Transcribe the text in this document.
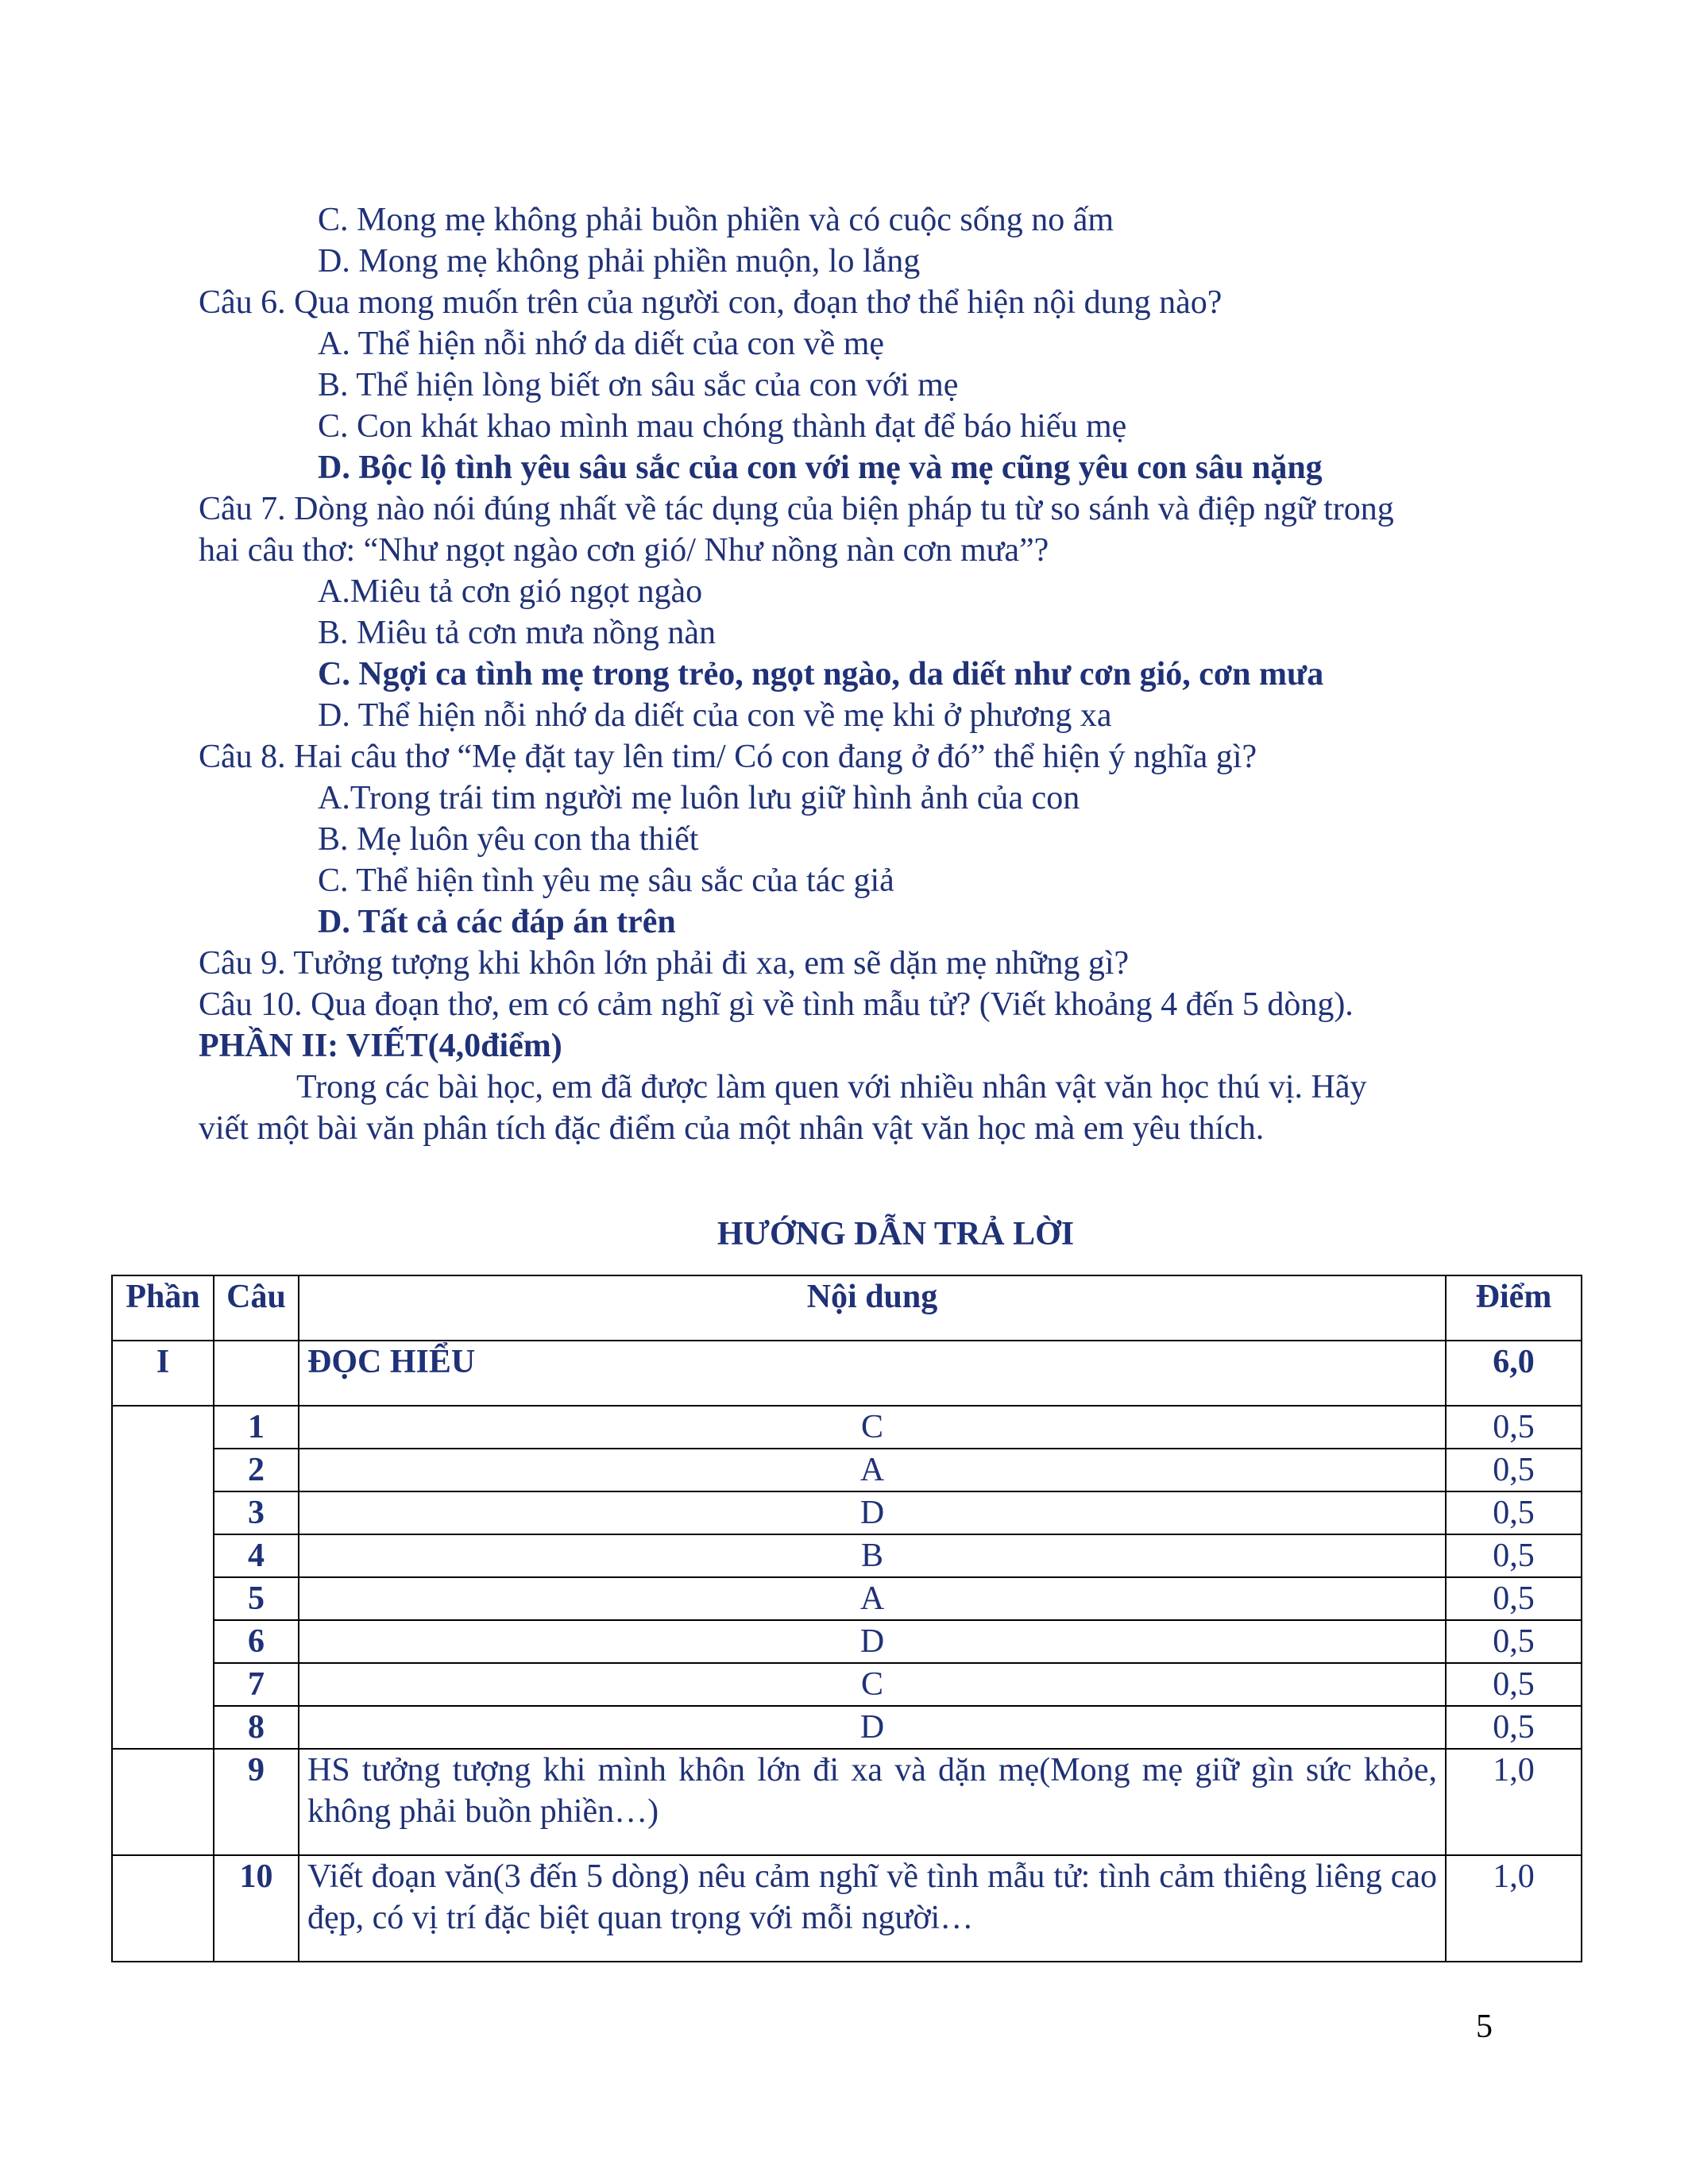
C. Mong mẹ không phải buồn phiền và có cuộc sống no ấm
D. Mong mẹ không phải phiền muộn, lo lắng
Câu 6. Qua mong muốn trên của người con, đoạn thơ thể hiện nội dung nào?
A. Thể hiện nỗi nhớ da diết của con về mẹ
B. Thể hiện lòng biết ơn sâu sắc của con với mẹ
C. Con khát khao mình mau chóng thành đạt để báo hiếu mẹ
D. Bộc lộ tình yêu sâu sắc của con với mẹ và mẹ cũng yêu con sâu nặng
Câu 7. Dòng nào nói đúng nhất về tác dụng của biện pháp tu từ so sánh và điệp ngữ trong
hai câu thơ: “Như ngọt ngào cơn gió/ Như nồng nàn cơn mưa”?
A.Miêu tả cơn gió ngọt ngào
B. Miêu tả cơn mưa nồng nàn
C. Ngợi ca tình mẹ trong trẻo, ngọt ngào, da diết như cơn gió, cơn mưa
D. Thể hiện nỗi nhớ da diết của con về mẹ khi ở phương xa
Câu 8. Hai câu thơ “Mẹ đặt tay lên tim/ Có con đang ở đó” thể hiện ý nghĩa gì?
A.Trong trái tim người mẹ luôn lưu giữ hình ảnh của con
B. Mẹ luôn yêu con tha thiết
C. Thể hiện tình yêu mẹ sâu sắc của tác giả
D. Tất cả các đáp án trên
Câu 9. Tưởng tượng khi khôn lớn phải đi xa, em sẽ dặn mẹ những gì?
Câu 10. Qua đoạn thơ, em có cảm nghĩ gì về tình mẫu tử? (Viết khoảng 4 đến 5 dòng).
PHẦN II: VIẾT(4,0điểm)
Trong các bài học, em đã được làm quen với nhiều nhân vật văn học thú vị. Hãy
viết một bài văn phân tích đặc điểm của một nhân vật văn học mà em yêu thích.
HƯỚNG DẪN TRẢ LỜI
Phần	Câu	Nội dung	Điểm
I		ĐỌC HIỂU	6,0
	1	C	0,5
	2	A	0,5
	3	D	0,5
	4	B	0,5
	5	A	0,5
	6	D	0,5
	7	C	0,5
	8	D	0,5
	9	HS tưởng tượng khi mình khôn lớn đi xa và dặn mẹ(Mong mẹ giữ gìn sức khỏe, không phải buồn phiền…)	1,0
	10	Viết đoạn văn(3 đến 5 dòng) nêu cảm nghĩ về tình mẫu tử: tình cảm thiêng liêng cao đẹp, có vị trí đặc biệt quan trọng với mỗi người…	1,0
5
